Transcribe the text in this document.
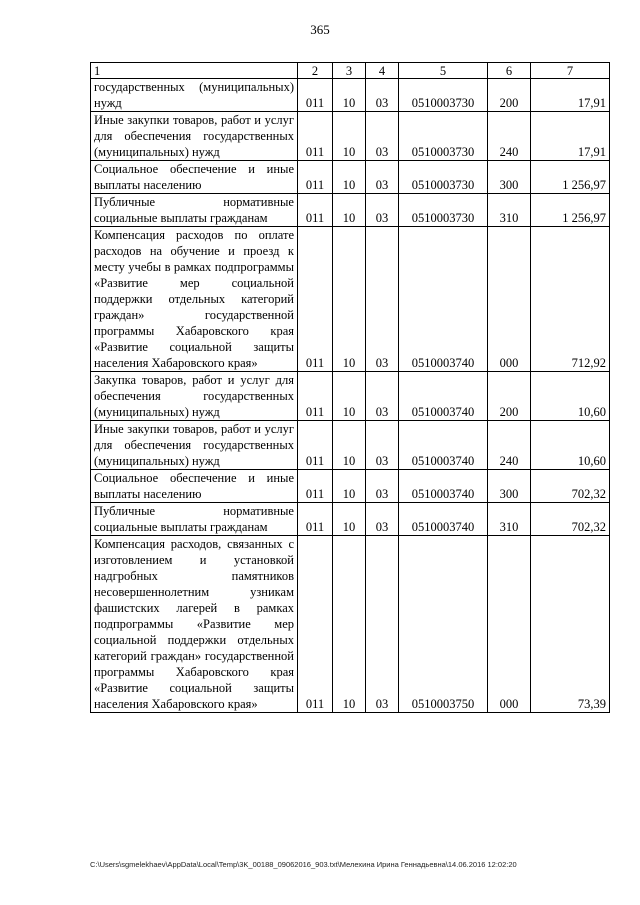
365
1	2	3	4	5	6	7
государственных (муниципальных) нужд	011	10	03	0510003730	200	17,91
Иные закупки товаров, работ и услуг для обеспечения государственных (муниципальных) нужд	011	10	03	0510003730	240	17,91
Социальное обеспечение и иные выплаты населению	011	10	03	0510003730	300	1 256,97
Публичные нормативные социальные выплаты гражданам	011	10	03	0510003730	310	1 256,97
Компенсация расходов по оплате расходов на обучение и проезд к месту учебы в рамках подпрограммы «Развитие мер социальной поддержки отдельных категорий граждан» государственной программы Хабаровского края «Развитие социальной защиты населения Хабаровского края»	011	10	03	0510003740	000	712,92
Закупка товаров, работ и услуг для обеспечения государственных (муниципальных) нужд	011	10	03	0510003740	200	10,60
Иные закупки товаров, работ и услуг для обеспечения государственных (муниципальных) нужд	011	10	03	0510003740	240	10,60
Социальное обеспечение и иные выплаты населению	011	10	03	0510003740	300	702,32
Публичные нормативные социальные выплаты гражданам	011	10	03	0510003740	310	702,32
Компенсация расходов, связанных с изготовлением и установкой надгробных памятников несовершеннолетним узникам фашистских лагерей в рамках подпрограммы «Развитие мер социальной поддержки отдельных категорий граждан» государственной программы Хабаровского края «Развитие социальной защиты населения Хабаровского края»	011	10	03	0510003750	000	73,39
C:\Users\sgmelekhaev\AppData\Local\Temp\3K_00188_09062016_903.txt\Мелехина Ирина Геннадьевна\14.06.2016 12:02:20
